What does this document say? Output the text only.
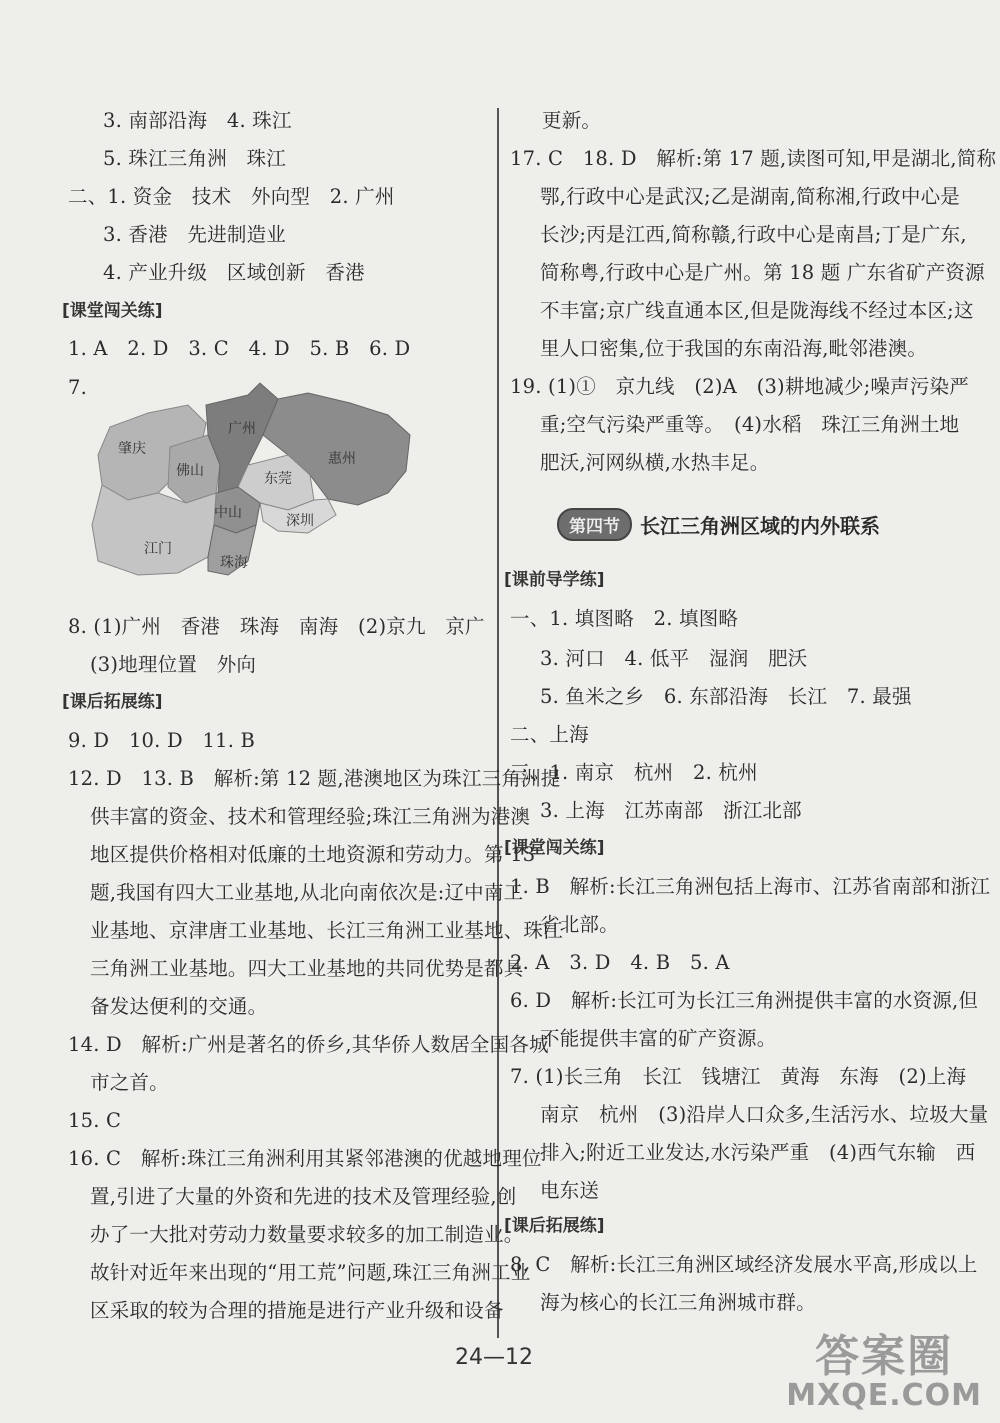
3. 南部沿海　4. 珠江
5. 珠江三角洲　珠江
二、1. 资金　技术　外向型　2. 广州
3. 香港　先进制造业
4. 产业升级　区域创新　香港
[课堂闯关练]
1. A　2. D　3. C　4. D　5. B　6. D
7.
肇庆
广州
惠州
佛山	东莞
中山	深圳
江门
珠海
8. (1)广州　香港　珠海　南海　(2)京九　京广
(3)地理位置　外向
[课后拓展练]
9. D　10. D　11. B
12. D　13. B　解析:第 12 题,港澳地区为珠江三角洲提
供丰富的资金、技术和管理经验;珠江三角洲为港澳
地区提供价格相对低廉的土地资源和劳动力。第 13
题,我国有四大工业基地,从北向南依次是:辽中南工
业基地、京津唐工业基地、长江三角洲工业基地、珠江
三角洲工业基地。四大工业基地的共同优势是都具
备发达便利的交通。
14. D　解析:广州是著名的侨乡,其华侨人数居全国各城
市之首。
15. C
16. C　解析:珠江三角洲利用其紧邻港澳的优越地理位
置,引进了大量的外资和先进的技术及管理经验,创
办了一大批对劳动力数量要求较多的加工制造业。
故针对近年来出现的“用工荒”问题,珠江三角洲工业
区采取的较为合理的措施是进行产业升级和设备
更新。
17. C　18. D　解析:第 17 题,读图可知,甲是湖北,简称
鄂,行政中心是武汉;乙是湖南,简称湘,行政中心是
长沙;丙是江西,简称赣,行政中心是南昌;丁是广东,
简称粤,行政中心是广州。第 18 题 广东省矿产资源
不丰富;京广线直通本区,但是陇海线不经过本区;这
里人口密集,位于我国的东南沿海,毗邻港澳。
19. (1)①　京九线　(2)A　(3)耕地减少;噪声污染严
重;空气污染严重等。　(4)水稻　珠江三角洲土地
肥沃,河网纵横,水热丰足。
第四节	长江三角洲区域的内外联系
[课前导学练]
一、1. 填图略　2. 填图略
3. 河口　4. 低平　湿润　肥沃
5. 鱼米之乡　6. 东部沿海　长江　7. 最强
二、上海
三、1. 南京　杭州　2. 杭州
3. 上海　江苏南部　浙江北部
[课堂闯关练]
1. B　解析:长江三角洲包括上海市、江苏省南部和浙江
省北部。
2. A　3. D　4. B　5. A
6. D　解析:长江可为长江三角洲提供丰富的水资源,但
不能提供丰富的矿产资源。
7. (1)长三角　长江　钱塘江　黄海　东海　(2)上海
南京　杭州　(3)沿岸人口众多,生活污水、垃圾大量
排入;附近工业发达,水污染严重　(4)西气东输　西
电东送
[课后拓展练]
8. C　解析:长江三角洲区域经济发展水平高,形成以上
海为核心的长江三角洲城市群。
24—12	答案圈
MXQE.COM
